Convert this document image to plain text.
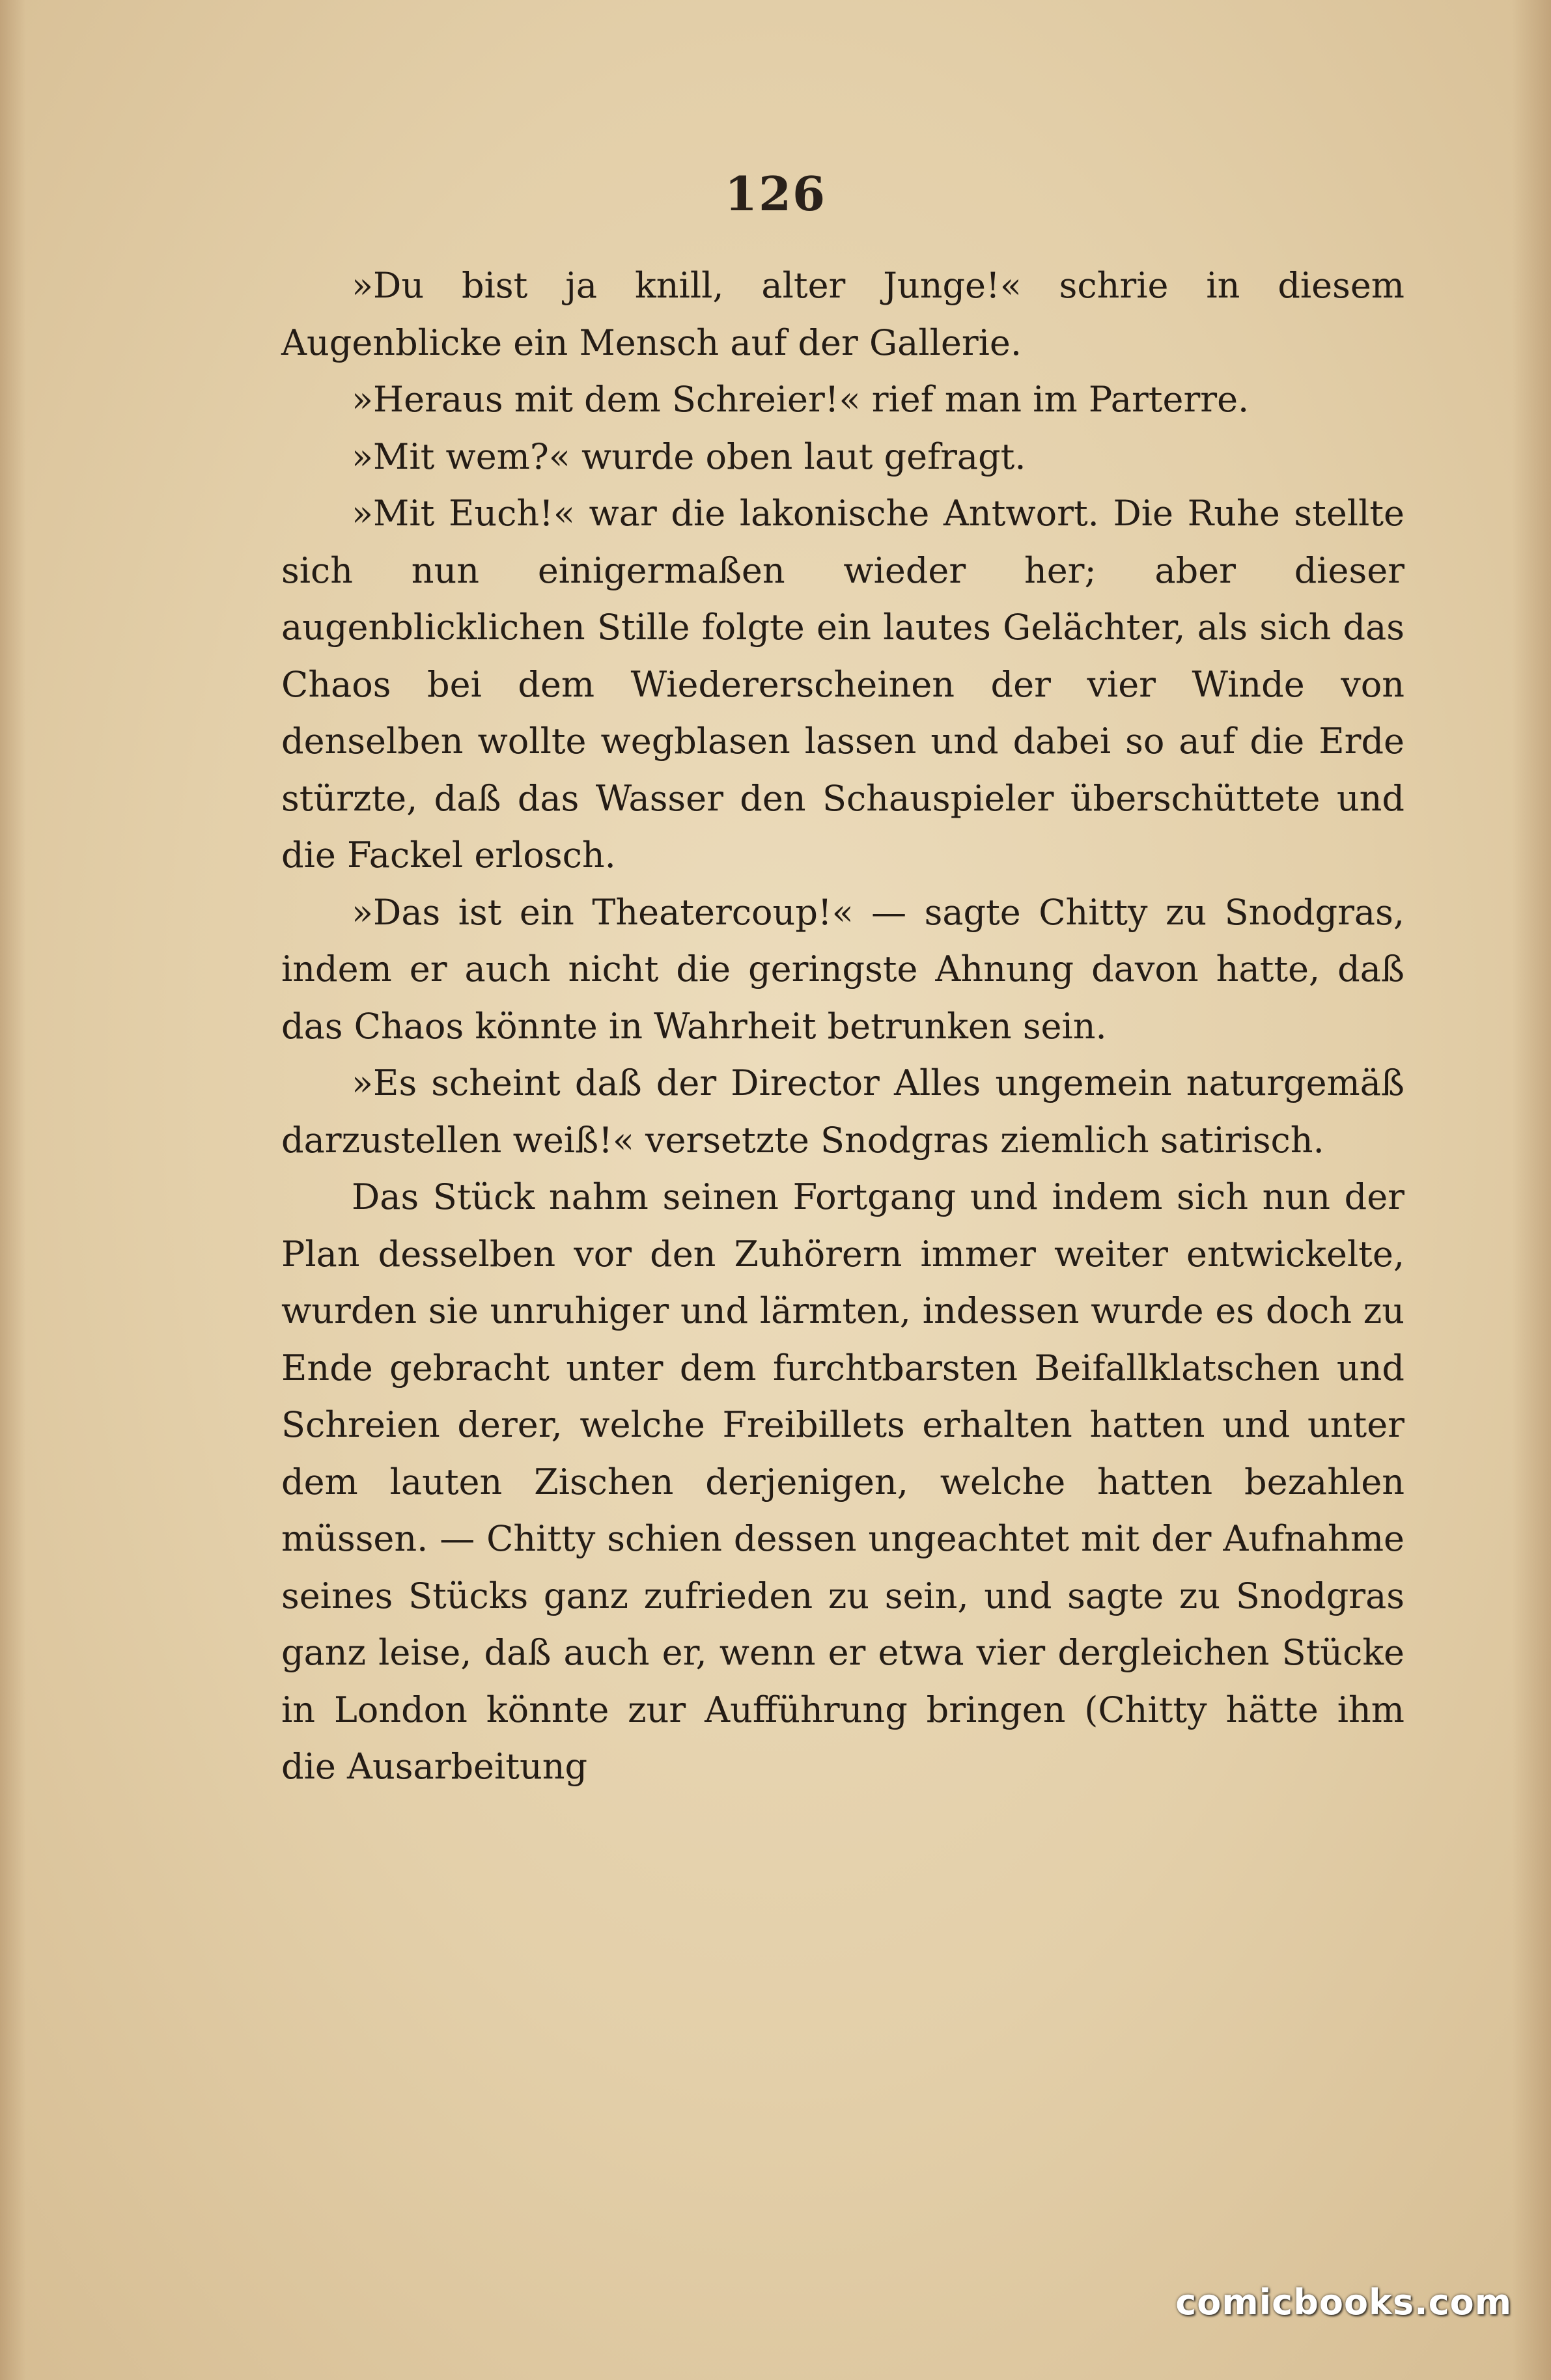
126

»Du bist ja knill, alter Junge!« schrie in diesem Augenblicke ein Mensch auf der Gallerie.

»Heraus mit dem Schreier!« rief man im Parterre.

»Mit wem?« wurde oben laut gefragt.

»Mit Euch!« war die lakonische Antwort. Die Ruhe stellte sich nun einigermaßen wieder her; aber dieser augenblicklichen Stille folgte ein lautes Gelächter, als sich das Chaos bei dem Wiedererscheinen der vier Winde von denselben wollte wegblasen lassen und dabei so auf die Erde stürzte, daß das Wasser den Schauspieler überschüttete und die Fackel erlosch.

»Das ist ein Theatercoup!« — sagte Chitty zu Snodgras, indem er auch nicht die geringste Ahnung davon hatte, daß das Chaos könnte in Wahrheit betrunken sein.

»Es scheint daß der Director Alles ungemein naturgemäß darzustellen weiß!« versetzte Snodgras ziemlich satirisch.

Das Stück nahm seinen Fortgang und indem sich nun der Plan desselben vor den Zuhörern immer weiter entwickelte, wurden sie unruhiger und lärmten, indessen wurde es doch zu Ende gebracht unter dem furchtbarsten Beifallklatschen und Schreien derer, welche Freibillets erhalten hatten und unter dem lauten Zischen derjenigen, welche hatten bezahlen müssen. — Chitty schien dessen ungeachtet mit der Aufnahme seines Stücks ganz zufrieden zu sein, und sagte zu Snodgras ganz leise, daß auch er, wenn er etwa vier dergleichen Stücke in London könnte zur Aufführung bringen (Chitty hätte ihm die Ausarbeitung

comicbooks.com
